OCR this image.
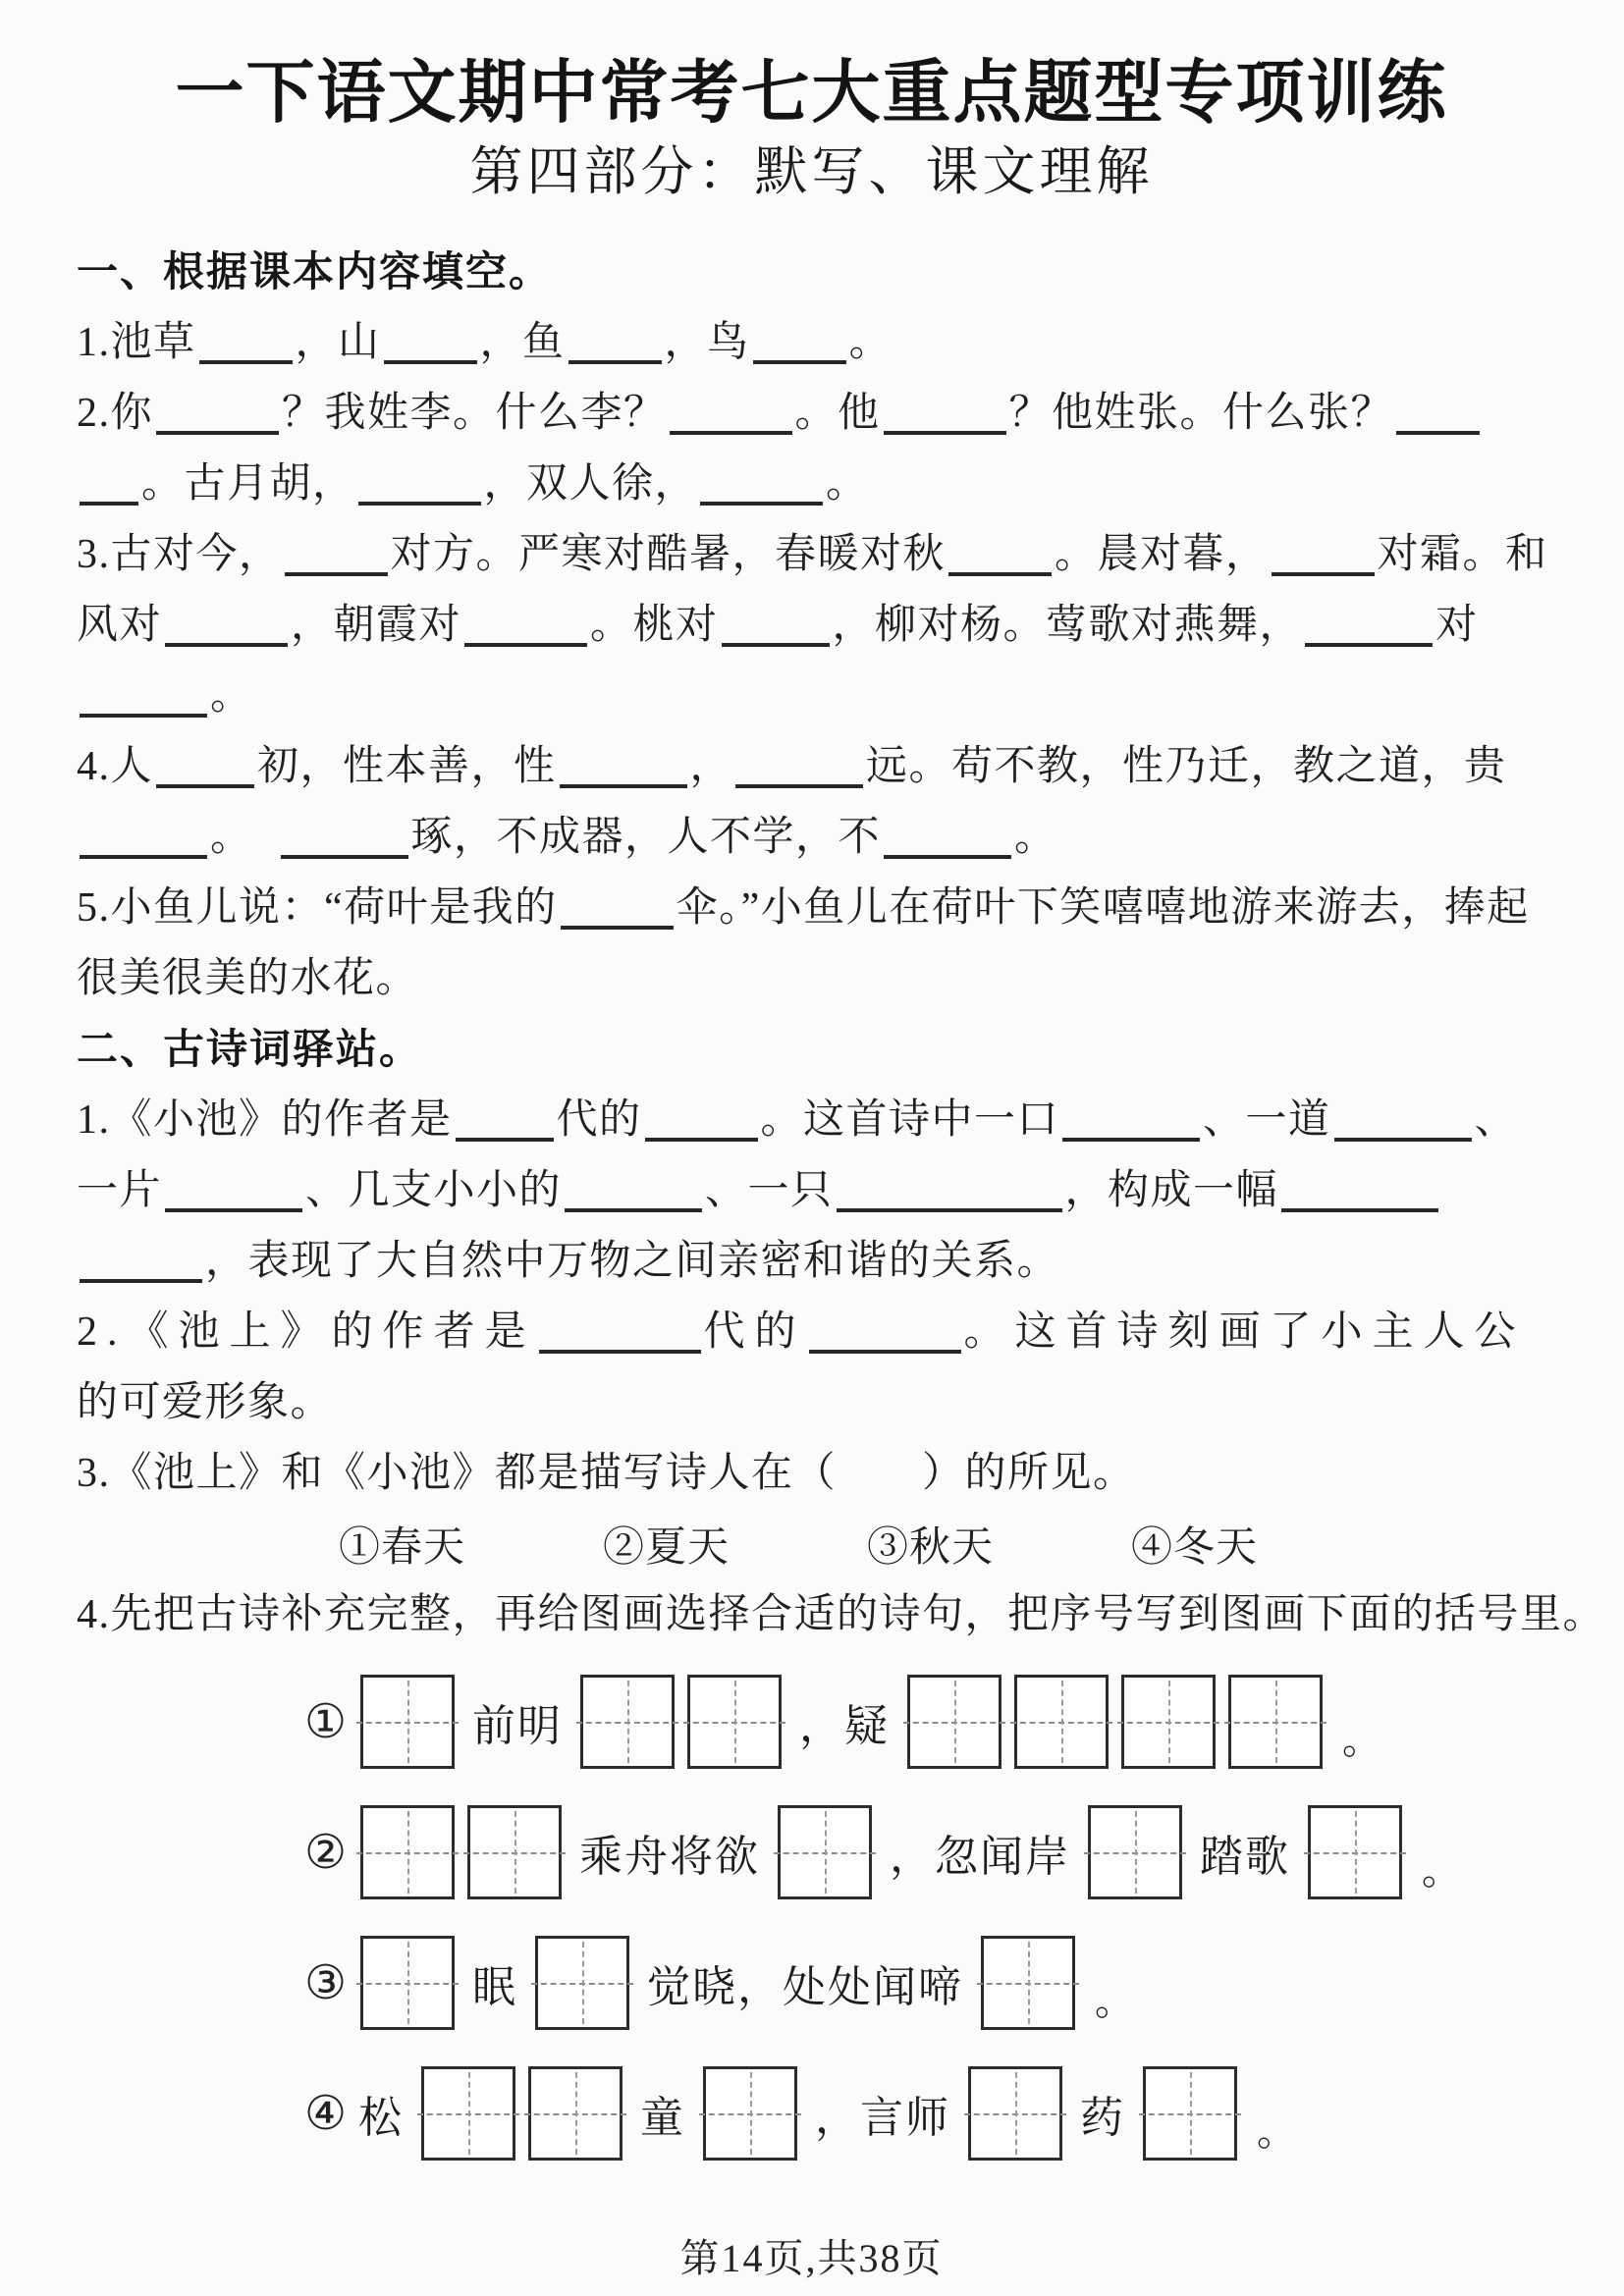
一下语文期中常考七大重点题型专项训练
第四部分：默写、课文理解
一、根据课本内容填空。
1.池草 ，山 ，鱼 ，鸟 。
2.你	？我姓李。什么李？	。他	？他姓张。什么张？
。古月胡，	，双人徐，	。
3.古对今，	对方。严寒对酷暑，春暖对秋	。晨对暮，	对霜。和
风对	，朝霞对	。桃对	，柳对杨。莺歌对燕舞，	对
。
4.人	初，性本善，性	，	远。苟不教，性乃迁，教之道，贵
。	琢，不成器，人不学，不	。
5.小鱼儿说：“荷叶是我的	伞。”小鱼儿在荷叶下笑嘻嘻地游来游去，捧起
很美很美的水花。
二、古诗词驿站。
1.《小池》的作者是	代的	。这首诗中一口	、一道	、
一片	、几支小小的	、一只	，构成一幅
，表现了大自然中万物之间亲密和谐的关系。
2.《池上》的作者是	代的	。这首诗刻画了小主人公
的可爱形象。
3.《池上》和《小池》都是描写诗人在（　　）的所见。
①春天	②夏天	③秋天	④冬天
4.先把古诗补充完整，再给图画选择合适的诗句，把序号写到图画下面的括号里。
①	前明	，疑	。
②	乘舟将欲	，忽闻岸	踏歌	。
③	眠	觉晓，处处闻啼	。
④ 松	童	，言师	药	。
第14页,共38页
